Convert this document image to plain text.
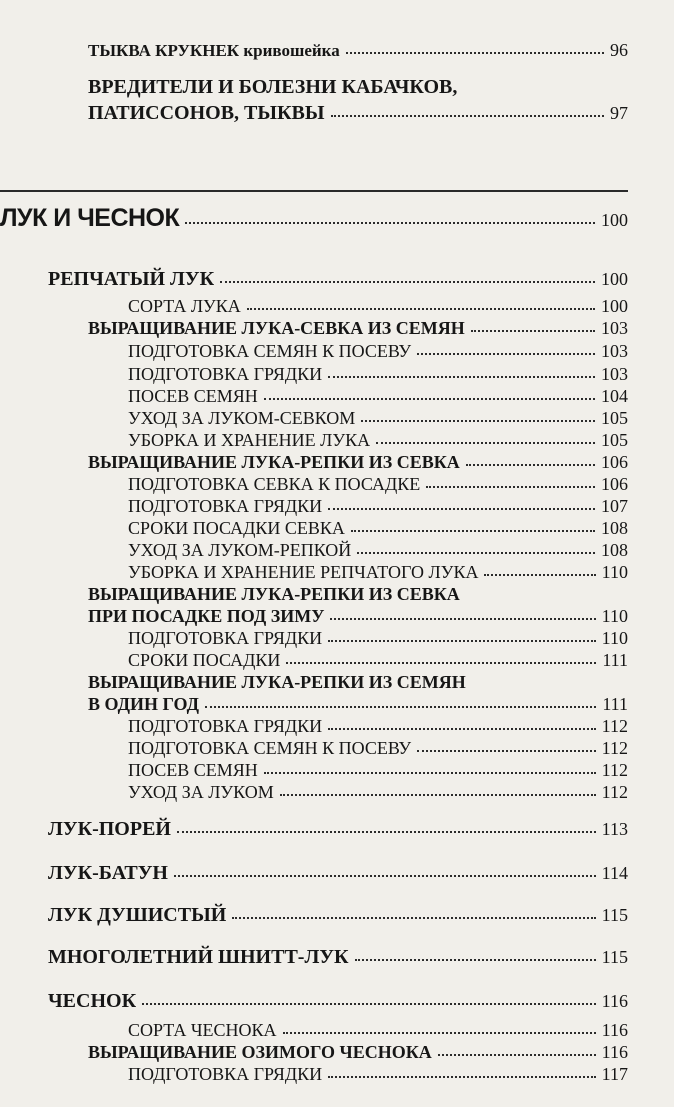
ТЫКВА КРУКНЕК кривошейка	96
ВРЕДИТЕЛИ И БОЛЕЗНИ КАБАЧКОВ,
ПАТИССОНОВ, ТЫКВЫ	97
ЛУК И ЧЕСНОК	100
РЕПЧАТЫЙ ЛУК	100
СОРТА ЛУКА	100
ВЫРАЩИВАНИЕ ЛУКА-СЕВКА ИЗ СЕМЯН	103
ПОДГОТОВКА СЕМЯН К ПОСЕВУ	103
ПОДГОТОВКА ГРЯДКИ	103
ПОСЕВ СЕМЯН	104
УХОД ЗА ЛУКОМ-СЕВКОМ	105
УБОРКА И ХРАНЕНИЕ ЛУКА	105
ВЫРАЩИВАНИЕ ЛУКА-РЕПКИ ИЗ СЕВКА	106
ПОДГОТОВКА СЕВКА К ПОСАДКЕ	106
ПОДГОТОВКА ГРЯДКИ	107
СРОКИ ПОСАДКИ СЕВКА	108
УХОД ЗА ЛУКОМ-РЕПКОЙ	108
УБОРКА И ХРАНЕНИЕ РЕПЧАТОГО ЛУКА	110
ВЫРАЩИВАНИЕ ЛУКА-РЕПКИ ИЗ СЕВКА
ПРИ ПОСАДКЕ ПОД ЗИМУ	110
ПОДГОТОВКА ГРЯДКИ	110
СРОКИ ПОСАДКИ	111
ВЫРАЩИВАНИЕ ЛУКА-РЕПКИ ИЗ СЕМЯН
В ОДИН ГОД	111
ПОДГОТОВКА ГРЯДКИ	112
ПОДГОТОВКА СЕМЯН К ПОСЕВУ	112
ПОСЕВ СЕМЯН	112
УХОД ЗА ЛУКОМ	112
ЛУК-ПОРЕЙ	113
ЛУК-БАТУН	114
ЛУК ДУШИСТЫЙ	115
МНОГОЛЕТНИЙ ШНИТТ-ЛУК	115
ЧЕСНОК	116
СОРТА ЧЕСНОКА	116
ВЫРАЩИВАНИЕ ОЗИМОГО ЧЕСНОКА	116
ПОДГОТОВКА ГРЯДКИ	117
